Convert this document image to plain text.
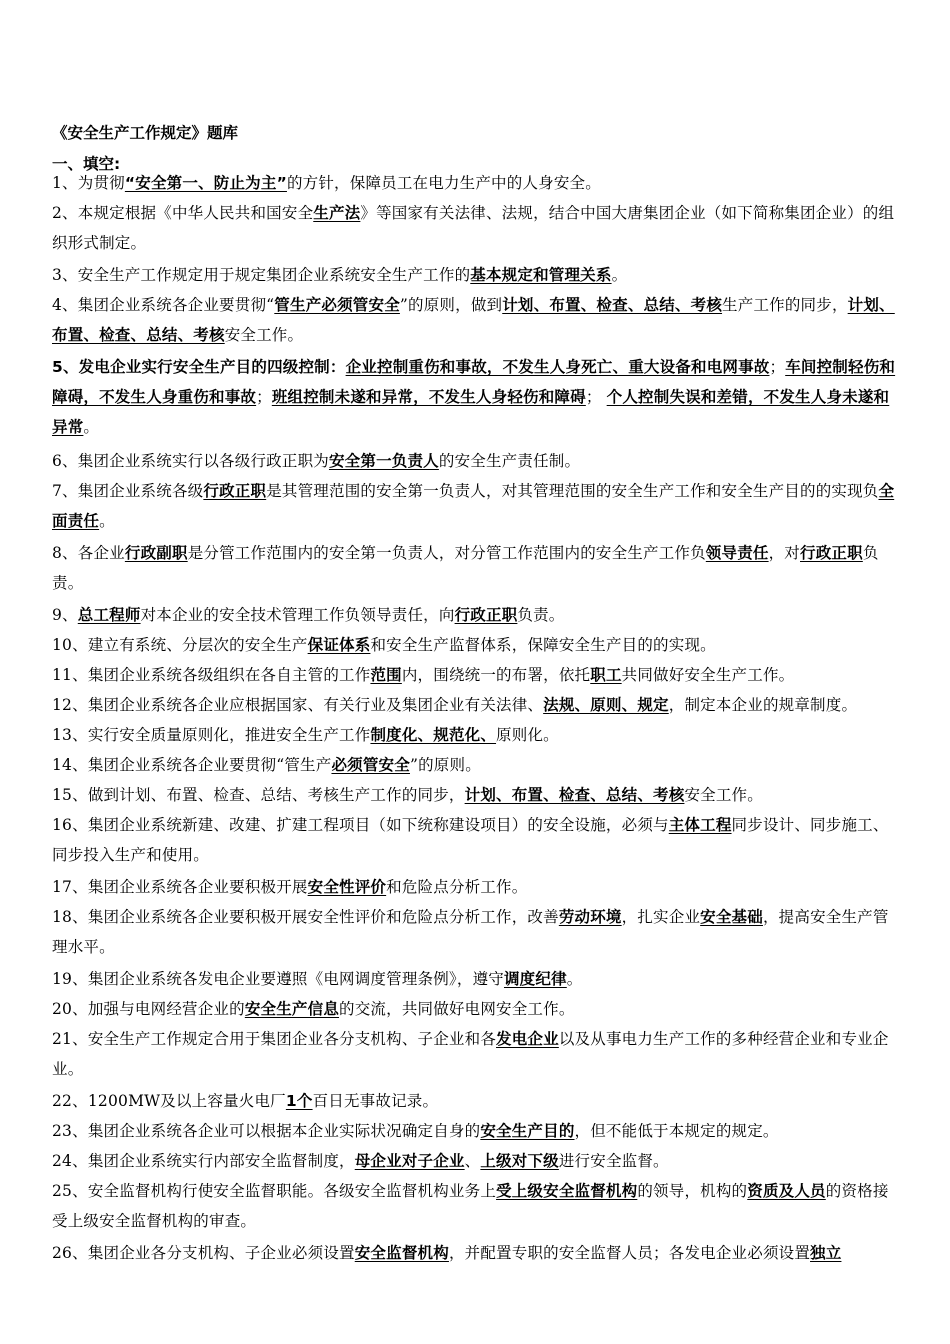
《安全生产工作规定》题库
一、填空:
1、为贯彻“安全第一、防止为主”的方针，保障员工在电力生产中的人身安全。
2、本规定根据《中华人民共和国安全生产法》等国家有关法律、法规，结合中国大唐集团企业（如下简称集团企业）的组织形式制定。
3、安全生产工作规定用于规定集团企业系统安全生产工作的基本规定和管理关系。
4、集团企业系统各企业要贯彻“管生产必须管安全”的原则，做到计划、布置、检查、总结、考核生产工作的同步，计划、布置、检查、总结、考核安全工作。
5、发电企业实行安全生产目的四级控制：企业控制重伤和事故，不发生人身死亡、重大设备和电网事故；车间控制轻伤和障碍，不发生人身重伤和事故；班组控制未遂和异常，不发生人身轻伤和障碍； 个人控制失误和差错，不发生人身未遂和异常。
6、集团企业系统实行以各级行政正职为安全第一负责人的安全生产责任制。
7、集团企业系统各级行政正职是其管理范围的安全第一负责人，对其管理范围的安全生产工作和安全生产目的的实现负全面责任。
8、各企业行政副职是分管工作范围内的安全第一负责人，对分管工作范围内的安全生产工作负领导责任，对行政正职负责。
9、总工程师对本企业的安全技术管理工作负领导责任，向行政正职负责。
10、建立有系统、分层次的安全生产保证体系和安全生产监督体系，保障安全生产目的的实现。
11、集团企业系统各级组织在各自主管的工作范围内，围绕统一的布署，依托职工共同做好安全生产工作。
12、集团企业系统各企业应根据国家、有关行业及集团企业有关法律、法规、原则、规定，制定本企业的规章制度。
13、实行安全质量原则化，推进安全生产工作制度化、规范化、原则化。
14、集团企业系统各企业要贯彻“管生产必须管安全”的原则。
15、做到计划、布置、检查、总结、考核生产工作的同步，计划、布置、检查、总结、考核安全工作。
16、集团企业系统新建、改建、扩建工程项目（如下统称建设项目）的安全设施，必须与主体工程同步设计、同步施工、同步投入生产和使用。
17、集团企业系统各企业要积极开展安全性评价和危险点分析工作。
18、集团企业系统各企业要积极开展安全性评价和危险点分析工作，改善劳动环境，扎实企业安全基础，提高安全生产管理水平。
19、集团企业系统各发电企业要遵照《电网调度管理条例》，遵守调度纪律。
20、加强与电网经营企业的安全生产信息的交流，共同做好电网安全工作。
21、安全生产工作规定合用于集团企业各分支机构、子企业和各发电企业以及从事电力生产工作的多种经营企业和专业企业。
22、1200MW及以上容量火电厂1个百日无事故记录。
23、集团企业系统各企业可以根据本企业实际状况确定自身的安全生产目的，但不能低于本规定的规定。
24、集团企业系统实行内部安全监督制度，母企业对子企业、上级对下级进行安全监督。
25、安全监督机构行使安全监督职能。各级安全监督机构业务上受上级安全监督机构的领导，机构的资质及人员的资格接受上级安全监督机构的审查。
26、集团企业各分支机构、子企业必须设置安全监督机构，并配置专职的安全监督人员；各发电企业必须设置独立
